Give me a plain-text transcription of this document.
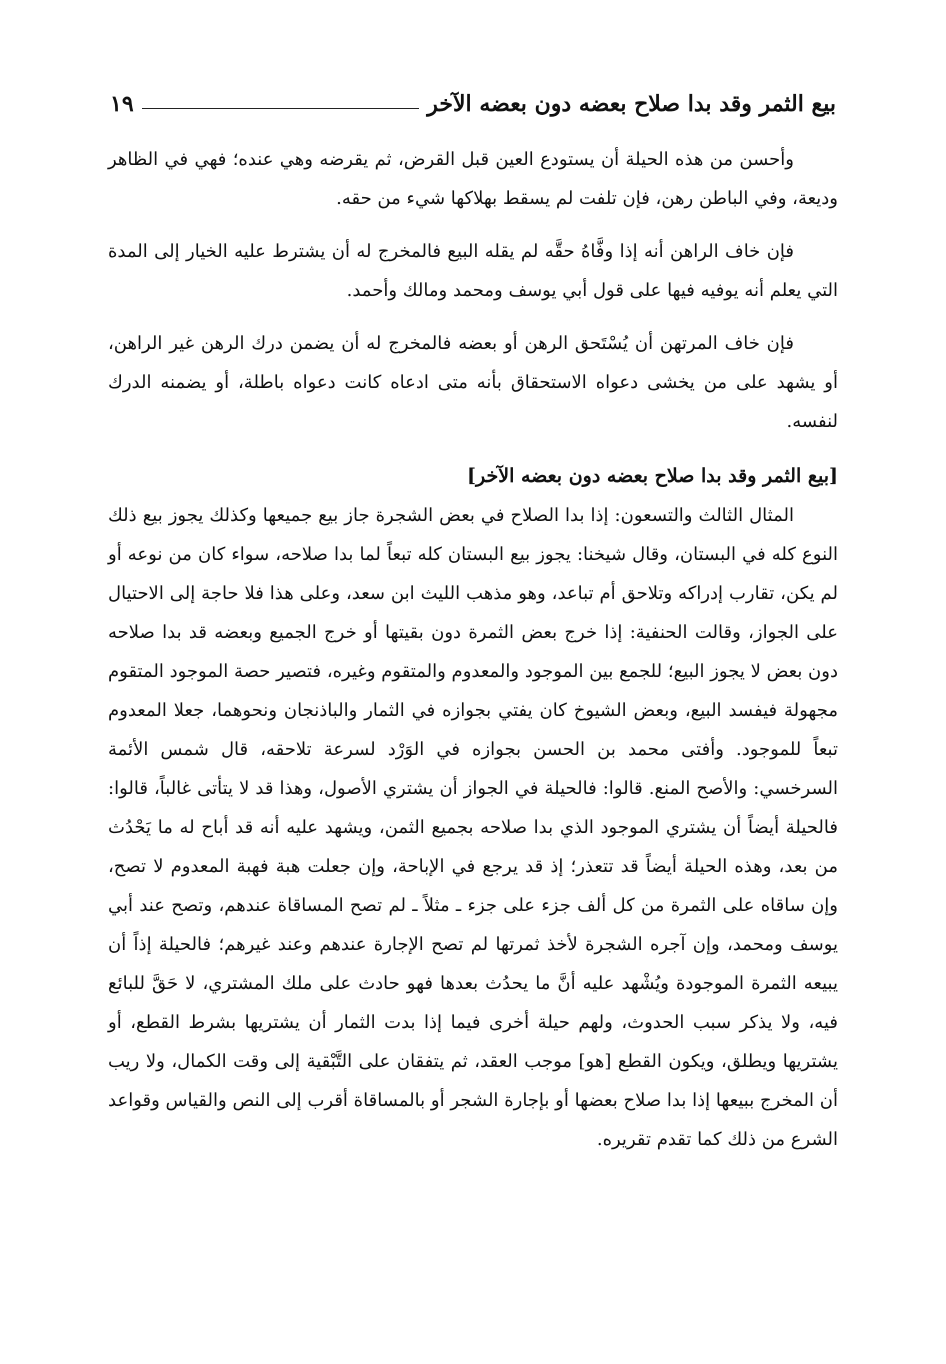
بيع الثمر وقد بدا صلاح بعضه دون بعضه الآخر
١٩

وأحسن من هذه الحيلة أن يستودع العين قبل القرض، ثم يقرضه وهي عنده؛ فهي في الظاهر وديعة، وفي الباطن رهن، فإن تلفت لم يسقط بهلاكها شيء من حقه.

فإن خاف الراهن أنه إذا وفَّاهُ حقَّه لم يقله البيع فالمخرج له أن يشترط عليه الخيار إلى المدة التي يعلم أنه يوفيه فيها على قول أبي يوسف ومحمد ومالك وأحمد.

فإن خاف المرتهن أن يُسْتَحق الرهن أو بعضه فالمخرج له أن يضمن درك الرهن غير الراهن، أو يشهد على من يخشى دعواه الاستحقاق بأنه متى ادعاه كانت دعواه باطلة، أو يضمنه الدرك لنفسه.

[بيع الثمر وقد بدا صلاح بعضه دون بعضه الآخر]

المثال الثالث والتسعون: إذا بدا الصلاح في بعض الشجرة جاز بيع جميعها وكذلك يجوز بيع ذلك النوع كله في البستان، وقال شيخنا: يجوز بيع البستان كله تبعاً لما بدا صلاحه، سواء كان من نوعه أو لم يكن، تقارب إدراكه وتلاحق أم تباعد، وهو مذهب الليث ابن سعد، وعلى هذا فلا حاجة إلى الاحتيال على الجواز، وقالت الحنفية: إذا خرج بعض الثمرة دون بقيتها أو خرج الجميع وبعضه قد بدا صلاحه دون بعض لا يجوز البيع؛ للجمع بين الموجود والمعدوم والمتقوم وغيره، فتصير حصة الموجود المتقوم مجهولة فيفسد البيع، وبعض الشيوخ كان يفتي بجوازه في الثمار والباذنجان ونحوهما، جعلا المعدوم تبعاً للموجود. وأفتى محمد بن الحسن بجوازه في الوَرْد لسرعة تلاحقه، قال شمس الأئمة السرخسي: والأصح المنع. قالوا: فالحيلة في الجواز أن يشتري الأصول، وهذا قد لا يتأتى غالباً، قالوا: فالحيلة أيضاً أن يشتري الموجود الذي بدا صلاحه بجميع الثمن، ويشهد عليه أنه قد أباح له ما يَحْدُث من بعد، وهذه الحيلة أيضاً قد تتعذر؛ إذ قد يرجع في الإباحة، وإن جعلت هبة فهبة المعدوم لا تصح، وإن ساقاه على الثمرة من كل ألف جزء على جزء ـ مثلاً ـ لم تصح المساقاة عندهم، وتصح عند أبي يوسف ومحمد، وإن آجره الشجرة لأخذ ثمرتها لم تصح الإجارة عندهم وعند غيرهم؛ فالحيلة إذاً أن يبيعه الثمرة الموجودة ويُشْهد عليه أنَّ ما يحدُث بعدها فهو حادث على ملك المشتري، لا حَقَّ للبائع فيه، ولا يذكر سبب الحدوث، ولهم حيلة أخرى فيما إذا بدت الثمار أن يشتريها بشرط القطع، أو يشتريها ويطلق، ويكون القطع [هو] موجب العقد، ثم يتفقان على التَّبْقية إلى وقت الكمال، ولا ريب أن المخرج ببيعها إذا بدا صلاح بعضها أو بإجارة الشجر أو بالمساقاة أقرب إلى النص والقياس وقواعد الشرع من ذلك كما تقدم تقريره.
